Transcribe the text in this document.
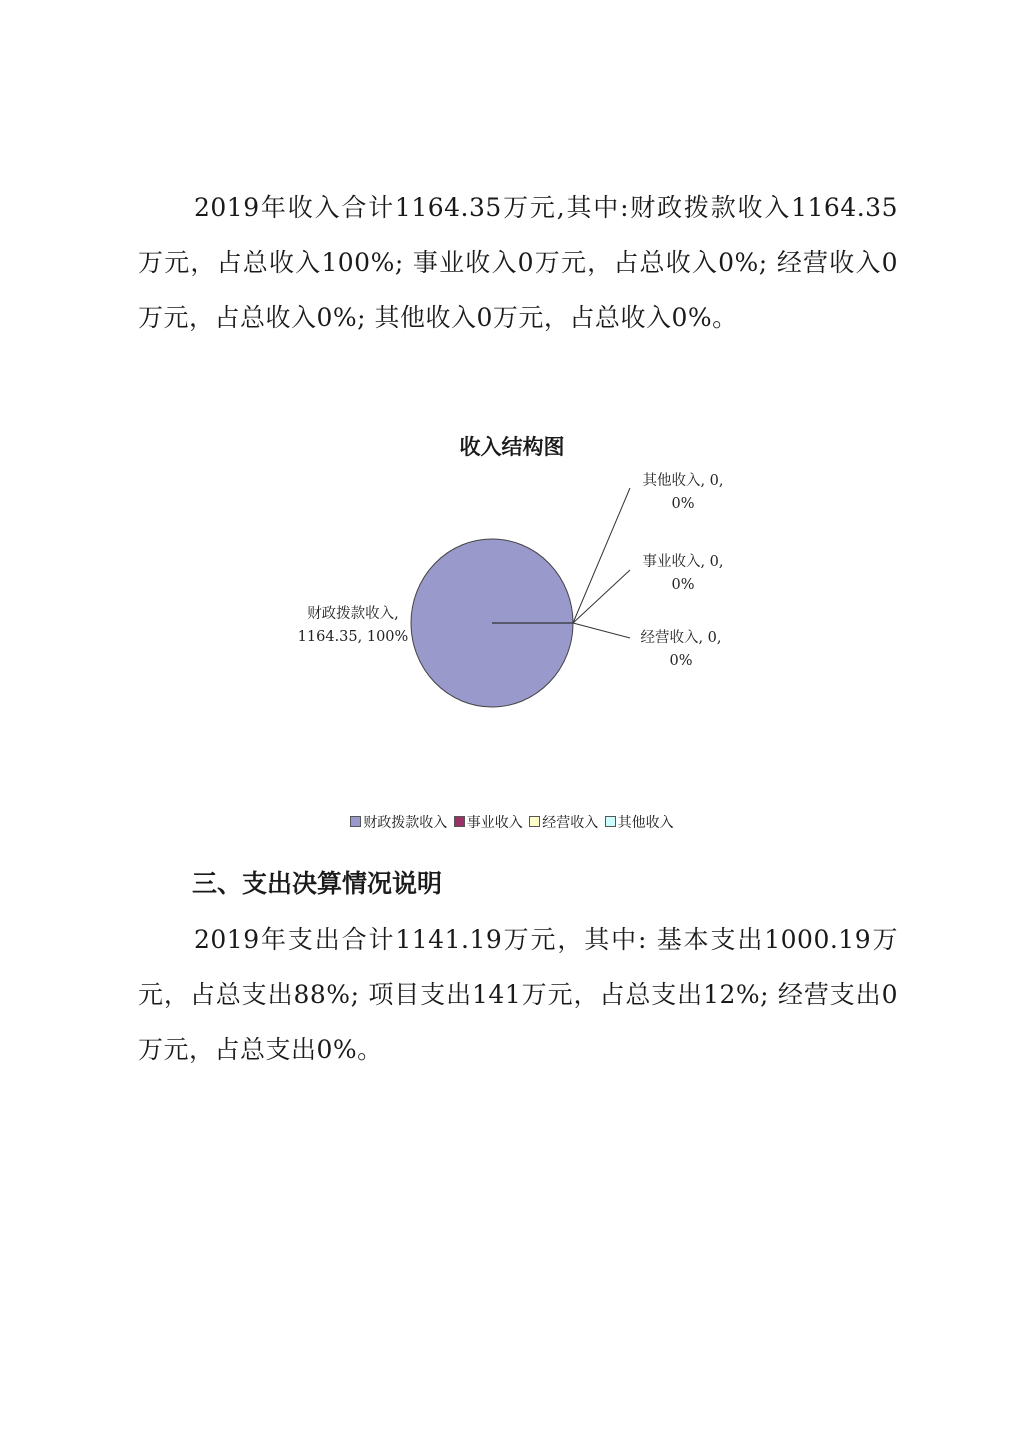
2019年收入合计1164.35万元,其中:财政拨款收入1164.35万元，占总收入100%; 事业收入0万元，占总收入0%; 经营收入0万元，占总收入0%; 其他收入0万元，占总收入0%。

收入结构图
财政拨款收入,
1164.35, 100%
其他收入, 0,
0%
事业收入, 0,
0%
经营收入, 0,
0%
财政拨款收入 事业收入 经营收入 其他收入
三、支出决算情况说明

2019年支出合计1141.19万元，其中: 基本支出1000.19万元，占总支出88%; 项目支出141万元，占总支出12%; 经营支出0万元，占总支出0%。
